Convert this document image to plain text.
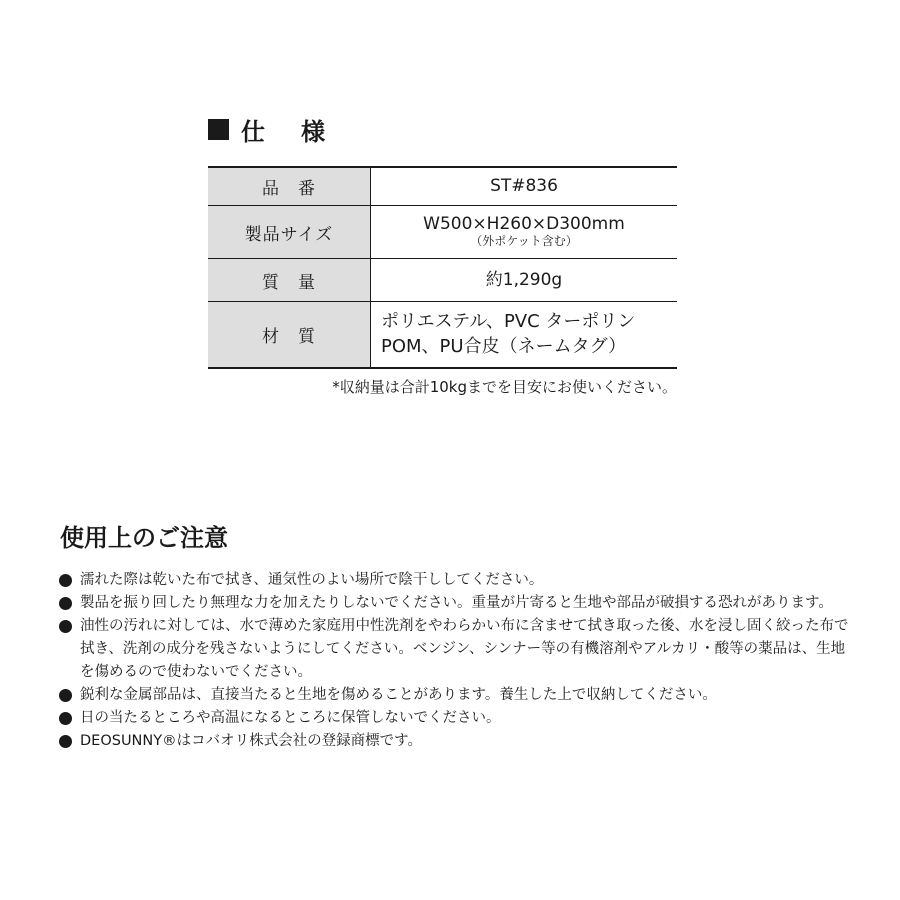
仕　様
品　番	ST#836
製品サイズ	W500×H260×D300mm
（外ポケット含む）

質　量	約1,290g
材　質	ポリエステル、PVC ターポリン
POM、PU合皮（ネームタグ）
*収納量は合計10kgまでを目安にお使いください。
使用上のご注意
濡れた際は乾いた布で拭き、通気性のよい場所で陰干ししてください。
製品を振り回したり無理な力を加えたりしないでください。重量が片寄ると生地や部品が破損する恐れがあります。
油性の汚れに対しては、水で薄めた家庭用中性洗剤をやわらかい布に含ませて拭き取った後、水を浸し固く絞った布で拭き、洗剤の成分を残さないようにしてください。ベンジン、シンナー等の有機溶剤やアルカリ・酸等の薬品は、生地を傷めるので使わないでください。
鋭利な金属部品は、直接当たると生地を傷めることがあります。養生した上で収納してください。
日の当たるところや高温になるところに保管しないでください。
DEOSUNNY®はコバオリ株式会社の登録商標です。
